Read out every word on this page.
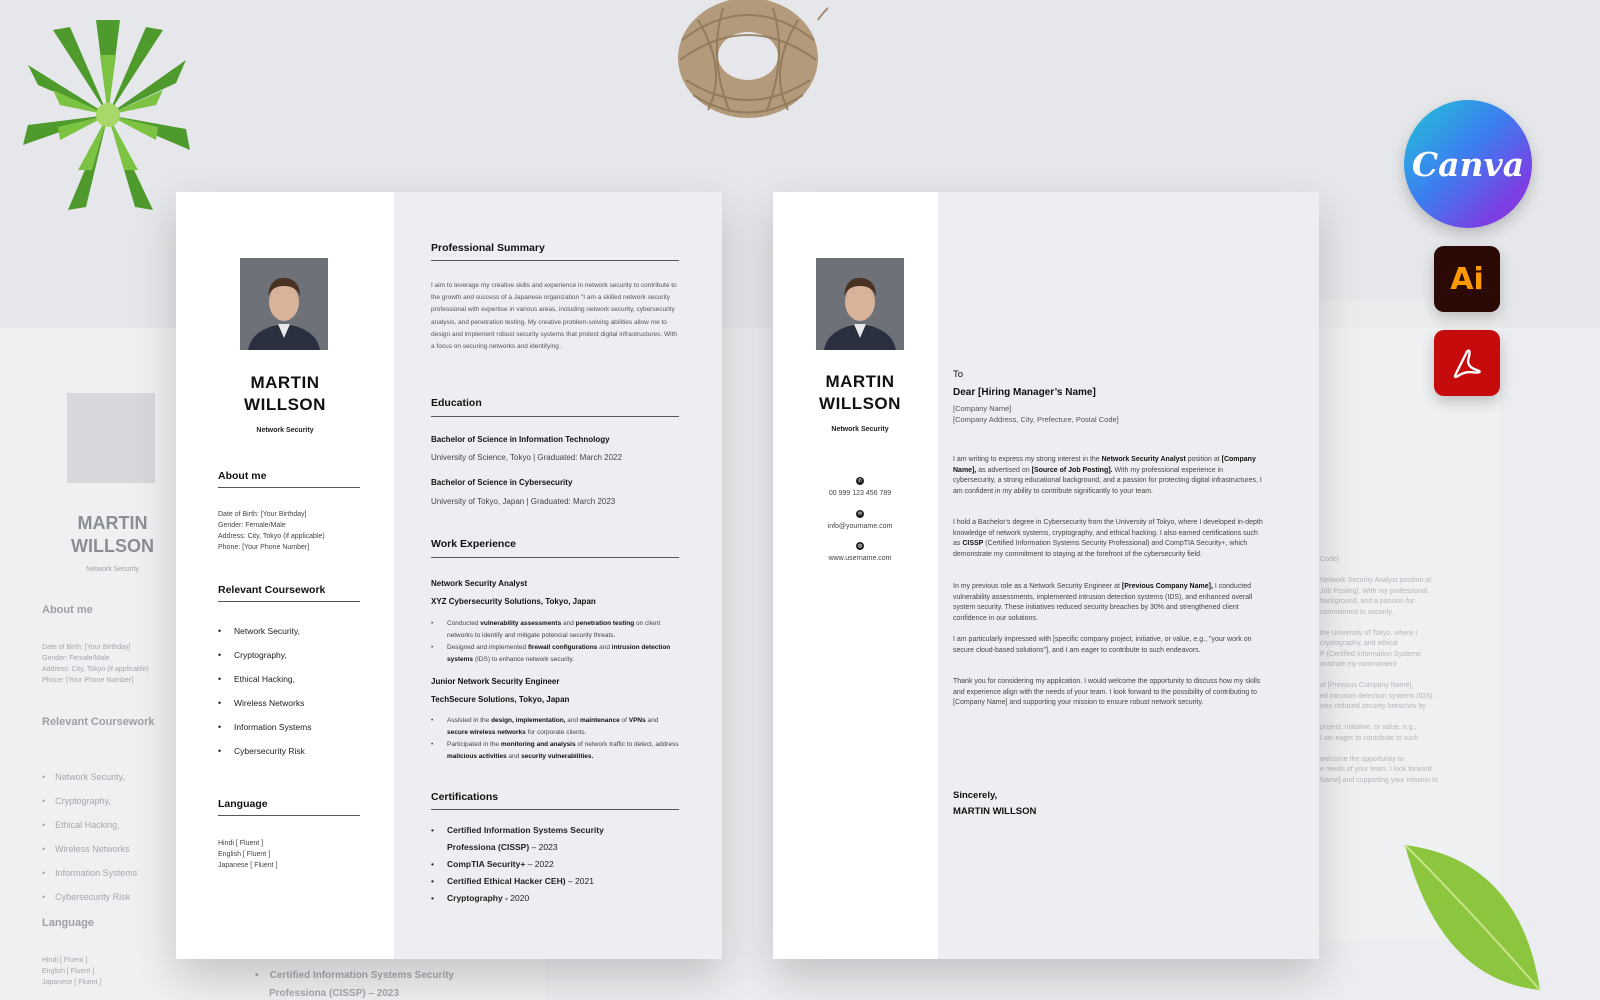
MARTIN
WILLSON
Network Security
About me
Date of Birth: [Your Birthday]
Gender: Female/Male
Address: City, Tokyo (if applicable)
Phone: [Your Phone Number]
Relevant Coursework
•    Network Security,
•    Cryptography,
•    Ethical Hacking,
•    Wireless Networks
•    Information Systems
•    Cybersecurity Risk
Language
Hindi [ Fluent ]
English [ Fluent ]
Japanese [ Fluent ]
•    Certified Information Systems Security
Professiona (CISSP) – 2023
Code]

Network Security Analyst position at
Job Posting]. With my professional
background, and a passion for
commitment to security.

the University of Tokyo, where I
cryptography, and ethical
P (Certified Information Systems
onstrate my commitment

of [Previous Company Name],
ed intrusion detection systems (IDS).
ives reduced security breaches by

project, initiative, or value, e.g.,
I am eager to contribute to such

welcome the opportunity to
e needs of your team. I look forward
Name] and supporting your mission to
MARTIN
WILLSON
Network Security
About me
Date of Birth: [Your Birthday]
Gender: Female/Male
Address: City, Tokyo (if applicable)
Phone: [Your Phone Number]
Relevant Coursework
• Network Security,
• Cryptography,
• Ethical Hacking,
• Wireless Networks
• Information Systems
• Cybersecurity Risk
Language
Hindi [ Fluent ]
English [ Fluent ]
Japanese [ Fluent ]
Professional Summary
I aim to leverage my creative skills and experience in network security to contribute to the growth and success of a Japanese organization "I am a skilled network security professional with expertise in various areas, including network security, cybersecurity analysis, and penetration testing. My creative problem-solving abilities allow me to design and implement robust security systems that protect digital infrastructures. With a focus on securing networks and identifying .
Education
Bachelor of Science in Information Technology
University of Science, Tokyo | Graduated: March 2022
Bachelor of Science in Cybersecurity
University of Tokyo, Japan | Graduated: March 2023
Work Experience
Network Security Analyst
XYZ Cybersecurity Solutions, Tokyo, Japan
•	Conducted vulnerability assessments and penetration testing on client networks to identify and mitigate potencial security threats.
•	Designed and implemented firewall configurations and intrusion detection systems (IDS) to enhance network security.
Junior Network Security Engineer
TechSecure Solutions, Tokyo, Japan
•	Assisted in the design, implementation, and maintenance of VPNs and secure wireless networks for corporate clients.
•	Participated in the monitoring and analysis of network traffic to detect, address malicious activities and security vulnerabilities.
Certifications
• Certified Information Systems Security Professiona (CISSP) – 2023
• CompTIA Security+ – 2022
• Certified Ethical Hacker CEH) – 2021
• Cryptography - 2020
MARTIN
WILLSON
Network Security
✆
00 999 123 456 789
✉
info@yourname.com
◍
www.username.com
To
Dear [Hiring Manager’s Name]
[Company Name]
[Company Address, City, Prefecture, Postal Code]
I am writing to express my strong interest in the Network Security Analyst position at [Company Name], as advertised on [Source of Job Posting]. With my professional experience in cybersecurity, a strong educational background, and a passion for protecting digital infrastructures, I am confident in my ability to contribute significantly to your team.
I hold a Bachelor's degree in Cybersecurity from the University of Tokyo, where I developed in-depth knowledge of network systems, cryptography, and ethical hacking. I also earned certifications such as CISSP (Certified Information Systems Security Professional) and CompTIA Security+, which demonstrate my commitment to staying at the forefront of the cybersecurity field.
In my previous role as a Network Security Engineer at [Previous Company Name], I conducted vulnerability assessments, implemented intrusion detection systems (IDS), and enhanced overall system security. These initiatives reduced security breaches by 30% and strengthened client confidence in our solutions.
I am particularly impressed with [specific company project, initiative, or value, e.g., "your work on secure cloud-based solutions"], and I am eager to contribute to such endeavors.
Thank you for considering my application. I would welcome the opportunity to discuss how my skills and experience align with the needs of your team. I look forward to the possibility of contributing to [Company Name] and supporting your mission to ensure robust network security.
Sincerely,
MARTIN WILLSON
Canva
Ai
